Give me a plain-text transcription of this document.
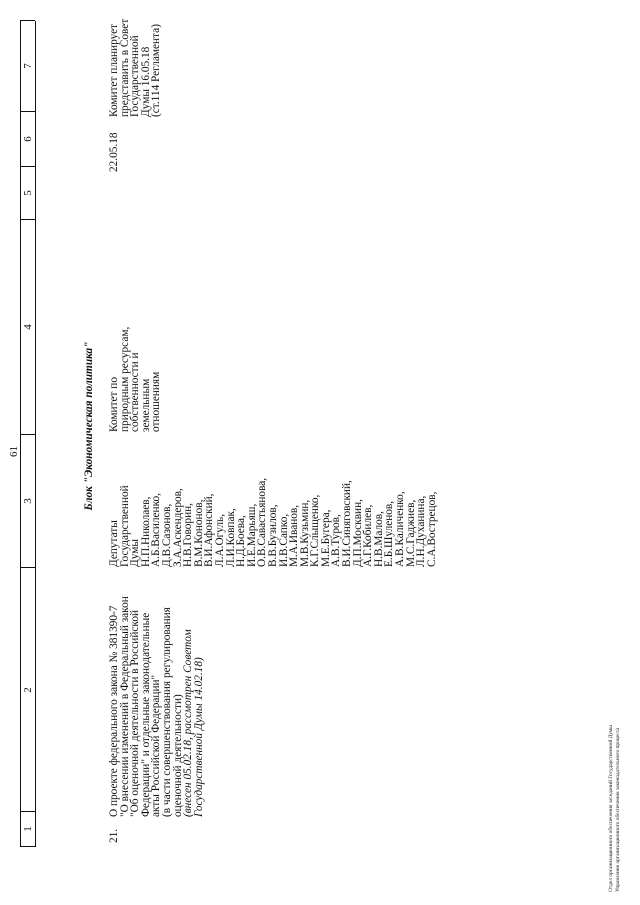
61
1
2
3
4
5
6
7
Блок "Экономическая политика"
21.
О проекте федерального закона № 381390-7
"О внесении изменений в Федеральный закон
"Об оценочной деятельности в Российской
Федерации" и отдельные законодательные
акты Российской Федерации"
(в части совершенствования регулирования
оценочной деятельности)
(внесен 05.02.18, рассмотрен Советом
Государственной Думы 14.02.18)
Депутаты
Государственной
Думы
Н.П.Николаев,
А.Б.Василенко,
Д.В.Сазонов,
З.А.Аскендеров,
Н.В.Говорин,
В.М.Кононов,
В.И.Афонский,
Л.А.Огуль,
Л.И.Ковпак,
Н.Д.Боева,
И.Е.Марьяш,
О.В.Савастьянова,
В.В.Бузилов,
И.В.Сапко,
М.А.Иванов,
М.В.Кузьмин,
К.Г.Слыщенко,
М.Е.Бугера,
А.В.Туров,
В.И.Синяговский,
Д.П.Москвин,
А.Г.Кобилев,
Н.В.Малов,
Е.Б.Шуленов,
А.В.Каличенко,
М.С.Гаджиев,
Л.Н.Духанина,
С.А.Вострецов,
Комитет по
природным ресурсам,
собственности и
земельным
отношениям
22.05.18
Комитет планирует
представить в Совет
Государственной
Думы 16.05.18
(ст.114 Регламента)
Отдел организационного обеспечения заседаний Государственной Думы Управления организационного обеспечения законодательного процесса
